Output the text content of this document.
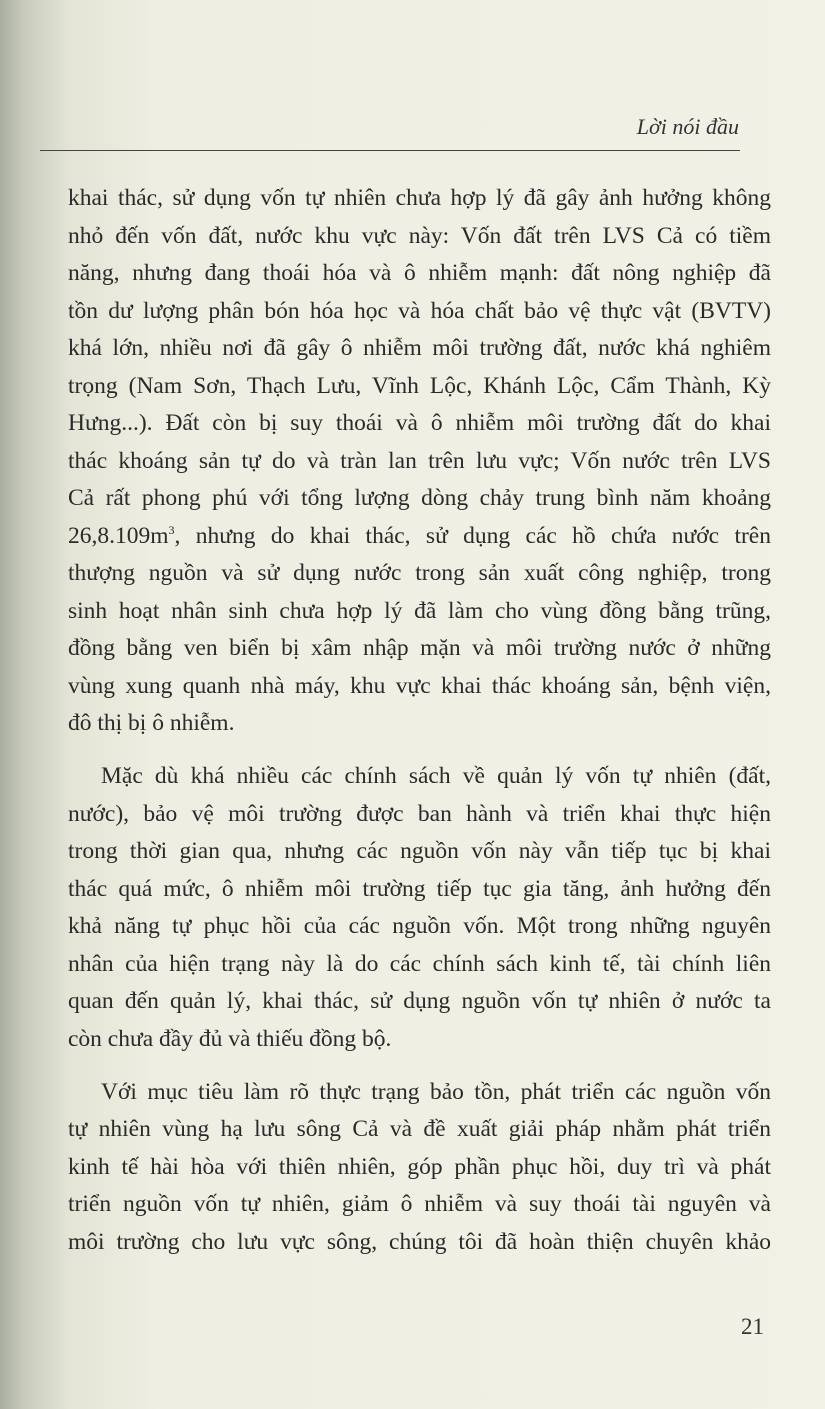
Lời nói đầu
khai thác, sử dụng vốn tự nhiên chưa hợp lý đã gây ảnh hưởng không
nhỏ đến vốn đất, nước khu vực này: Vốn đất trên LVS Cả có tiềm
năng, nhưng đang thoái hóa và ô nhiễm mạnh: đất nông nghiệp đã
tồn dư lượng phân bón hóa học và hóa chất bảo vệ thực vật (BVTV)
khá lớn, nhiều nơi đã gây ô nhiễm môi trường đất, nước khá nghiêm
trọng (Nam Sơn, Thạch Lưu, Vĩnh Lộc, Khánh Lộc, Cẩm Thành, Kỳ
Hưng...). Đất còn bị suy thoái và ô nhiễm môi trường đất do khai
thác khoáng sản tự do và tràn lan trên lưu vực; Vốn nước trên LVS
Cả rất phong phú với tổng lượng dòng chảy trung bình năm khoảng
$26,8.109m^3$ , nhưng do khai thác, sử dụng các hồ chứa nước trên
thượng nguồn và sử dụng nước trong sản xuất công nghiệp, trong
sinh hoạt nhân sinh chưa hợp lý đã làm cho vùng đồng bằng trũng,
đồng bằng ven biển bị xâm nhập mặn và môi trường nước ở những
vùng xung quanh nhà máy, khu vực khai thác khoáng sản, bệnh viện,
đô thị bị ô nhiễm.
Mặc dù khá nhiều các chính sách về quản lý vốn tự nhiên (đất,
nước), bảo vệ môi trường được ban hành và triển khai thực hiện
trong thời gian qua, nhưng các nguồn vốn này vẫn tiếp tục bị khai
thác quá mức, ô nhiễm môi trường tiếp tục gia tăng, ảnh hưởng đến
khả năng tự phục hồi của các nguồn vốn. Một trong những nguyên
nhân của hiện trạng này là do các chính sách kinh tế, tài chính liên
quan đến quản lý, khai thác, sử dụng nguồn vốn tự nhiên ở nước ta
còn chưa đầy đủ và thiếu đồng bộ.
Với mục tiêu làm rõ thực trạng bảo tồn, phát triển các nguồn vốn
tự nhiên vùng hạ lưu sông Cả và đề xuất giải pháp nhằm phát triển
kinh tế hài hòa với thiên nhiên, góp phần phục hồi, duy trì và phát
triển nguồn vốn tự nhiên, giảm ô nhiễm và suy thoái tài nguyên và
môi trường cho lưu vực sông, chúng tôi đã hoàn thiện chuyên khảo
21
